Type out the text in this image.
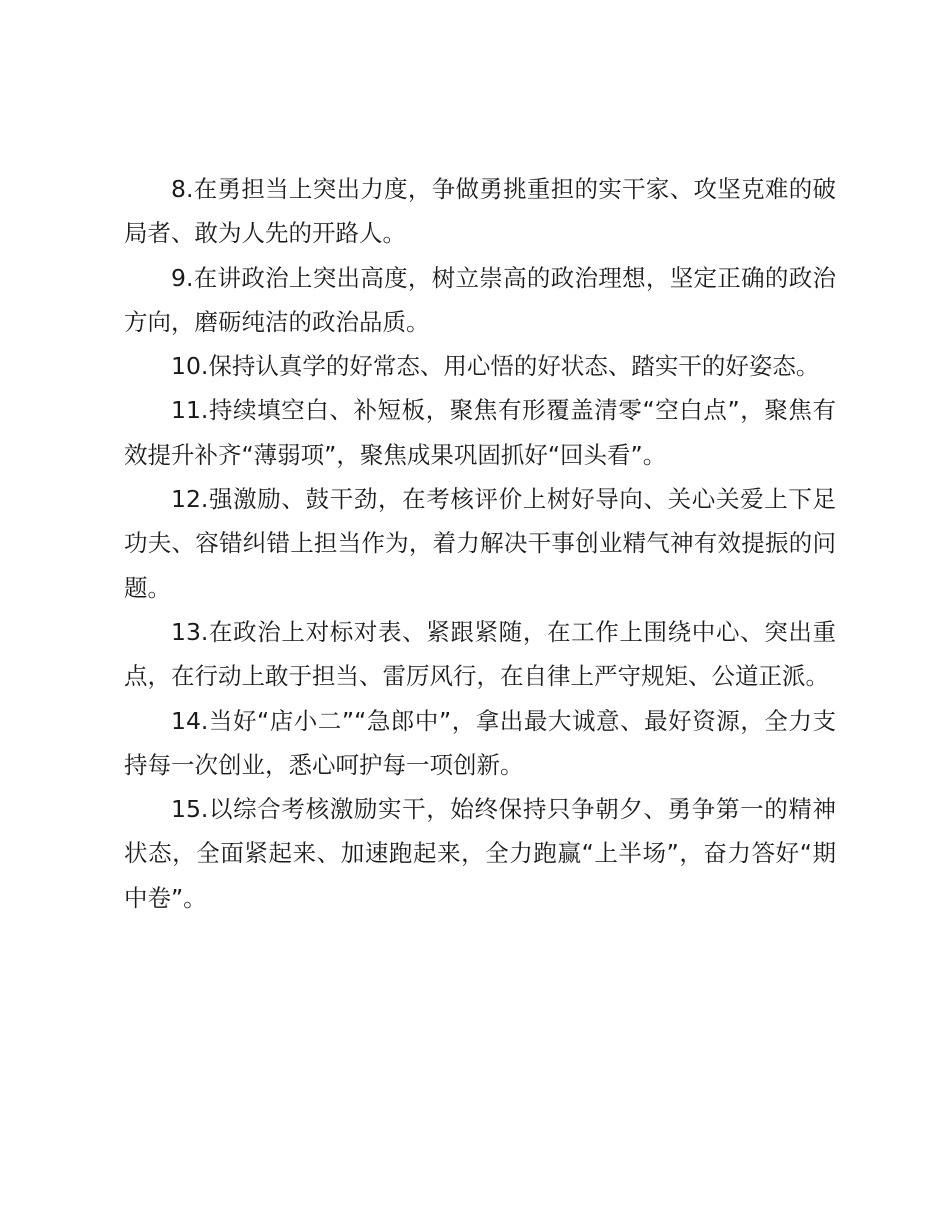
8.在勇担当上突出力度，争做勇挑重担的实干家、攻坚克难的破局者、敢为人先的开路人。

9.在讲政治上突出高度，树立崇高的政治理想，坚定正确的政治方向，磨砺纯洁的政治品质。

10.保持认真学的好常态、用心悟的好状态、踏实干的好姿态。

11.持续填空白、补短板，聚焦有形覆盖清零“空白点”，聚焦有效提升补齐“薄弱项”，聚焦成果巩固抓好“回头看”。

12.强激励、鼓干劲，在考核评价上树好导向、关心关爱上下足功夫、容错纠错上担当作为，着力解决干事创业精气神有效提振的问题。

13.在政治上对标对表、紧跟紧随，在工作上围绕中心、突出重点，在行动上敢于担当、雷厉风行，在自律上严守规矩、公道正派。

14.当好“店小二”“急郎中”，拿出最大诚意、最好资源，全力支持每一次创业，悉心呵护每一项创新。

15.以综合考核激励实干，始终保持只争朝夕、勇争第一的精神状态，全面紧起来、加速跑起来，全力跑赢“上半场”，奋力答好“期中卷”。
